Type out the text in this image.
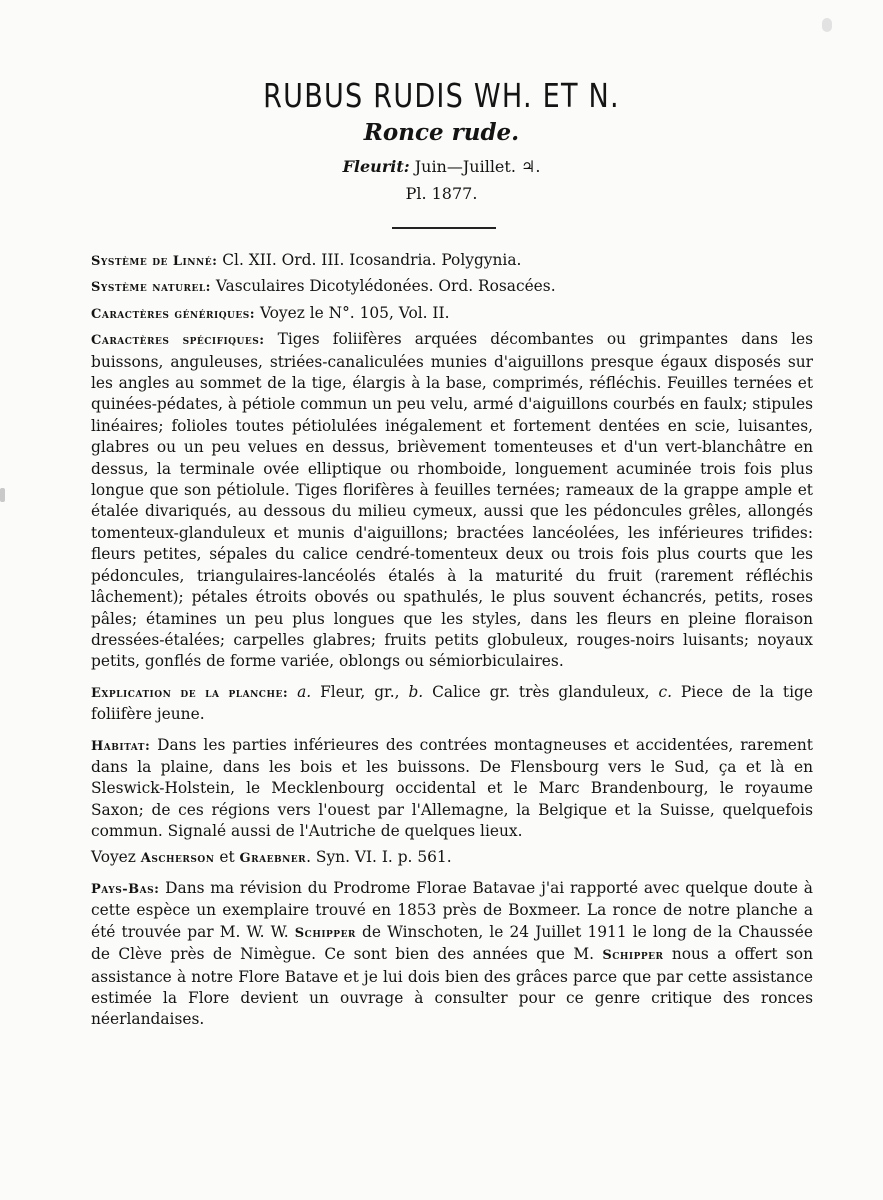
RUBUS RUDIS WH. ET N.
Ronce rude.
Fleurit: Juin—Juillet. ♃.
Pl. 1877.

Système de Linné: Cl. XII. Ord. III. Icosandria. Polygynia.

Système naturel: Vasculaires Dicotylédonées. Ord. Rosacées.

Caractères génériques: Voyez le N°. 105, Vol. II.

Caractères spécifiques: Tiges foliifères arquées décombantes ou grimpantes dans les buissons, anguleuses, striées-canaliculées munies d'aiguillons presque égaux disposés sur les angles au sommet de la tige, élargis à la base, comprimés, réfléchis. Feuilles ternées et quinées-pédates, à pétiole commun un peu velu, armé d'aiguillons courbés en faulx; stipules linéaires; folioles toutes pétiolulées inégalement et fortement dentées en scie, luisantes, glabres ou un peu velues en dessus, brièvement tomenteuses et d'un vert-blanchâtre en dessus, la terminale ovée elliptique ou rhomboide, longuement acuminée trois fois plus longue que son pétiolule. Tiges florifères à feuilles ternées; rameaux de la grappe ample et étalée divariqués, au dessous du milieu cymeux, aussi que les pédoncules grêles, allongés tomenteux-glanduleux et munis d'aiguillons; bractées lancéolées, les inférieures trifides: fleurs petites, sépales du calice cendré-tomenteux deux ou trois fois plus courts que les pédoncules, triangulaires-lancéolés étalés à la maturité du fruit (rarement réfléchis lâchement); pétales étroits obovés ou spathulés, le plus souvent échancrés, petits, roses pâles; étamines un peu plus longues que les styles, dans les fleurs en pleine floraison dressées-étalées; carpelles glabres; fruits petits globuleux, rouges-noirs luisants; noyaux petits, gonflés de forme variée, oblongs ou sémiorbiculaires.

Explication de la planche: a. Fleur, gr., b. Calice gr. très glanduleux, c. Piece de la tige foliifère jeune.

Habitat: Dans les parties inférieures des contrées montagneuses et accidentées, rarement dans la plaine, dans les bois et les buissons. De Flensbourg vers le Sud, ça et là en Sleswick-Holstein, le Mecklenbourg occidental et le Marc Brandenbourg, le royaume Saxon; de ces régions vers l'ouest par l'Allemagne, la Belgique et la Suisse, quelquefois commun. Signalé aussi de l'Autriche de quelques lieux.

Voyez Ascherson et Graebner. Syn. VI. I. p. 561.

Pays-Bas: Dans ma révision du Prodrome Florae Batavae j'ai rapporté avec quelque doute à cette espèce un exemplaire trouvé en 1853 près de Boxmeer. La ronce de notre planche a été trouvée par M. W. W. Schipper de Winschoten, le 24 Juillet 1911 le long de la Chaussée de Clève près de Nimègue. Ce sont bien des années que M. Schipper nous a offert son assistance à notre Flore Batave et je lui dois bien des grâces parce que par cette assistance estimée la Flore devient un ouvrage à consulter pour ce genre critique des ronces néerlandaises.
